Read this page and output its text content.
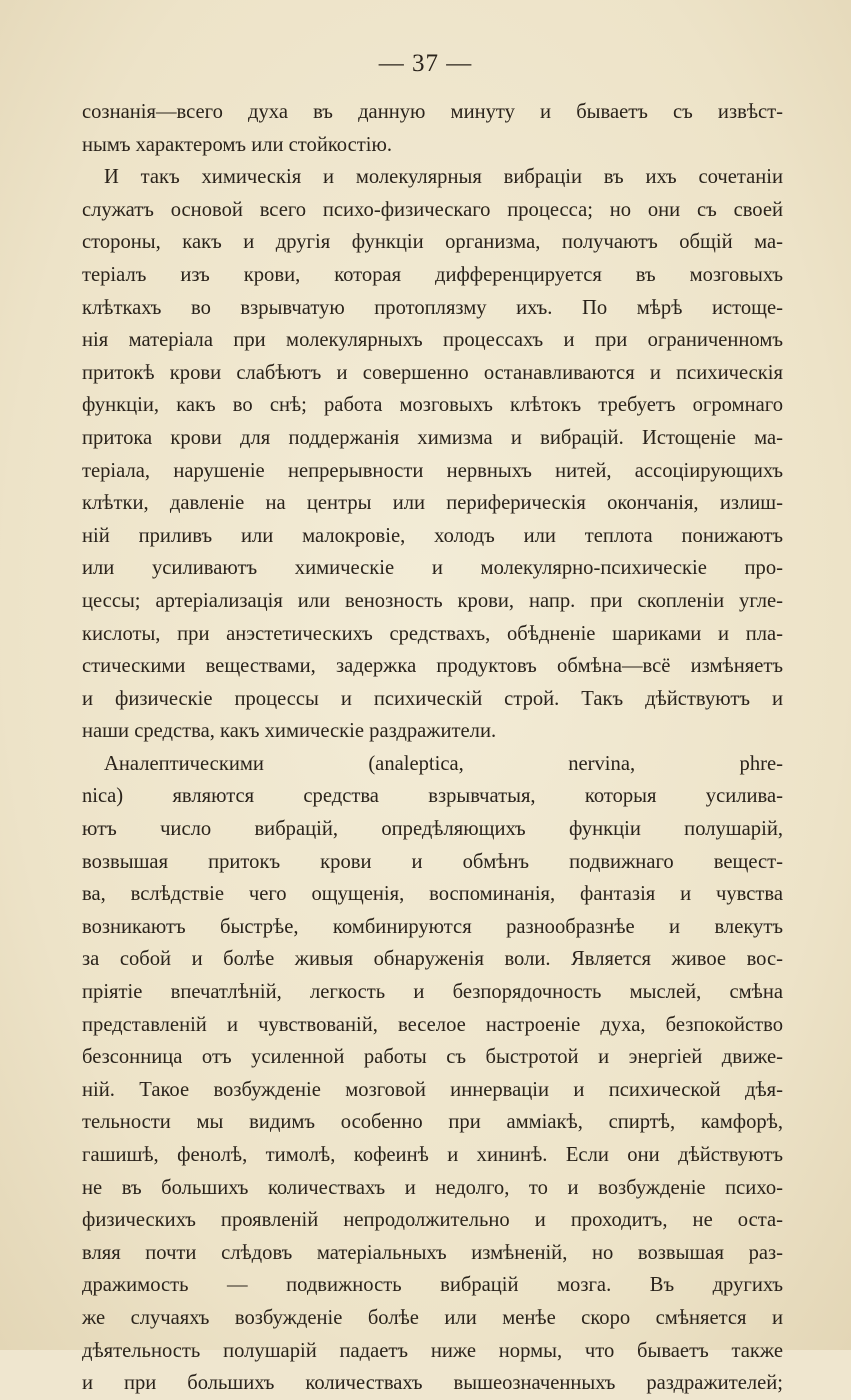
— 37 —
сознанія—всего духа въ данную минуту и бываетъ съ извѣст-
нымъ характеромъ или стойкостію.
И такъ химическія и молекулярныя вибраціи въ ихъ сочетаніи
служатъ основой всего психо-физическаго процесса; но они съ своей
стороны, какъ и другія функціи организма, получаютъ общій ма-
теріалъ изъ крови, которая дифференцируется въ мозговыхъ
клѣткахъ во взрывчатую протоплязму ихъ. По мѣрѣ истоще-
нія матеріала при молекулярныхъ процессахъ и при ограниченномъ
притокѣ крови слабѣютъ и совершенно останавливаются и психическія
функціи, какъ во снѣ; работа мозговыхъ клѣтокъ требуетъ огромнаго
притока крови для поддержанія химизма и вибрацій. Истощеніе ма-
теріала, нарушеніе непрерывности нервныхъ нитей, ассоціирующихъ
клѣтки, давленіе на центры или периферическія окончанія, излиш-
ній приливъ или малокровіе, холодъ или теплота понижаютъ
или усиливаютъ химическіе и молекулярно-психическіе про-
цессы; артеріализація или венозность крови, напр. при скопленіи угле-
кислоты, при анэстетическихъ средствахъ, обѣдненіе шариками и пла-
стическими веществами, задержка продуктовъ обмѣна—всё измѣняетъ
и физическіе процессы и психическій строй. Такъ дѣйствуютъ и
наши средства, какъ химическіе раздражители.
Аналептическими (analeptica, nervina, phre-
nica) являются средства взрывчатыя, которыя усилива-
ютъ число вибрацій, опредѣляющихъ функціи полушарій,
возвышая притокъ крови и обмѣнъ подвижнаго вещест-
ва, вслѣдствіе чего ощущенія, воспоминанія, фантазія и чувства
возникаютъ быстрѣе, комбинируются разнообразнѣе и влекутъ
за собой и болѣе живыя обнаруженія воли. Является живое вос-
пріятіе впечатлѣній, легкость и безпорядочность мыслей, смѣна
представленій и чувствованій, веселое настроеніе духа, безпокойство
безсонница отъ усиленной работы съ быстротой и энергіей движе-
ній. Такое возбужденіе мозговой иннерваціи и психической дѣя-
тельности мы видимъ особенно при амміакѣ, спиртѣ, камфорѣ,
гашишѣ, фенолѣ, тимолѣ, кофеинѣ и хининѣ. Если они дѣйствуютъ
не въ большихъ количествахъ и недолго, то и возбужденіе психо-
физическихъ проявленій непродолжительно и проходитъ, не оста-
вляя почти слѣдовъ матеріальныхъ измѣненій, но возвышая раз-
дражимость — подвижность вибрацій мозга. Въ другихъ
же случаяхъ возбужденіе болѣе или менѣе скоро смѣняется и
дѣятельность полушарій падаетъ ниже нормы, что бываетъ также
и при большихъ количествахъ вышеозначенныхъ раздражителей;
